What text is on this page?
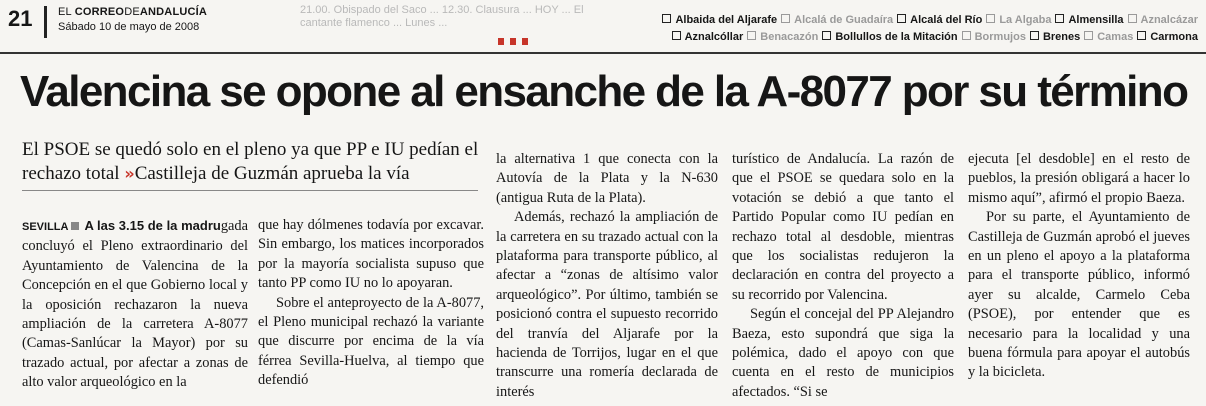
21 EL CORREODEANDALUCÍA
Sábado 10 de mayo de 2008
21.00. Obispado del Saco ... 12.30. Clausura ... HOY ... El cantante flamenco ... Lunes ...	Albaida del Aljarafe Alcalá de Guadaíra Alcalá del Río La Algaba Almensilla Aznalcázar
Aznalcóllar Benacazón Bollullos de la Mitación Bormujos Brenes Camas Carmona
Valencina se opone al ensanche de la A-8077 por su término
El PSOE se quedó solo en el pleno ya que PP e IU pedían el rechazo total »Castilleja de Guzmán aprueba la vía

SEVILLA A las 3.15 de la madrugada concluyó el Pleno extraordinario del Ayuntamiento de Valencina de la Concepción en el que Gobierno local y la oposición rechazaron la nueva ampliación de la carretera A-8077 (Camas-Sanlúcar la Mayor) por su trazado actual, por afectar a zonas de alto valor arqueológico en la

que hay dólmenes todavía por excavar. Sin embargo, los matices incorporados por la mayoría socialista supuso que tanto PP como IU no lo apoyaran.

Sobre el anteproyecto de la A-8077, el Pleno municipal rechazó la variante que discurre por encima de la vía férrea Sevilla-Huelva, al tiempo que defendió

la alternativa 1 que conecta con la Autovía de la Plata y la N-630 (antigua Ruta de la Plata).

Además, rechazó la ampliación de la carretera en su trazado actual con la plataforma para transporte público, al afectar a “zonas de altísimo valor arqueológico”. Por último, también se posicionó contra el supuesto recorrido del tranvía del Aljarafe por la hacienda de Torrijos, lugar en el que transcurre una romería declarada de interés

turístico de Andalucía. La razón de que el PSOE se quedara solo en la votación se debió a que tanto el Partido Popular como IU pedían en rechazo total al desdoble, mientras que los socialistas redujeron la declaración en contra del proyecto a su recorrido por Valencina.

Según el concejal del PP Alejandro Baeza, esto supondrá que siga la polémica, dado el apoyo con que cuenta en el resto de municipios afectados. “Si se

ejecuta [el desdoble] en el resto de pueblos, la presión obligará a hacer lo mismo aquí”, afirmó el propio Baeza.

Por su parte, el Ayuntamiento de Castilleja de Guzmán aprobó el jueves en un pleno el apoyo a la plataforma para el transporte público, informó ayer su alcalde, Carmelo Ceba (PSOE), por entender que es necesario para la localidad y una buena fórmula para apoyar el autobús y la bicicleta.
